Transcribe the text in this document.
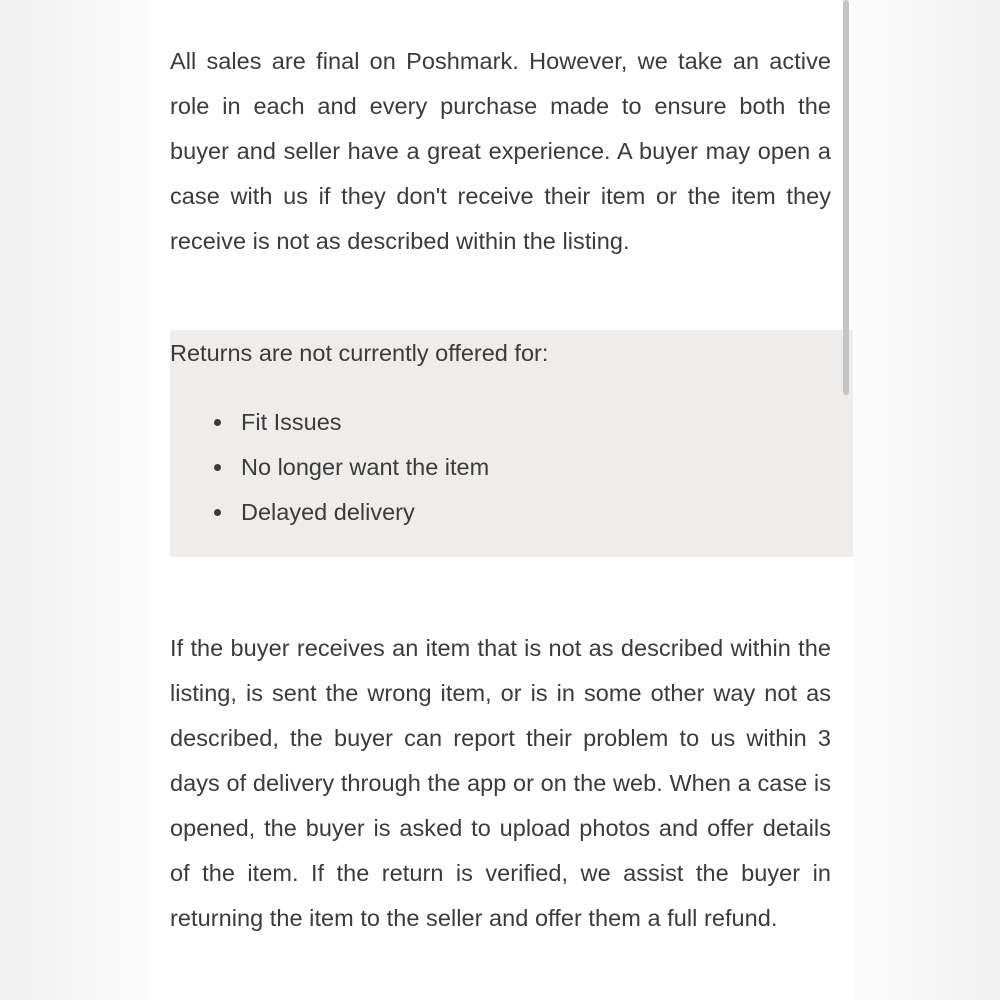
All sales are final on Poshmark. However, we take an active role in each and every purchase made to ensure both the buyer and seller have a great experience. A buyer may open a case with us if they don't receive their item or the item they receive is not as described within the listing.

Returns are not currently offered for:
Fit Issues
No longer want the item
Delayed delivery

If the buyer receives an item that is not as described within the listing, is sent the wrong item, or is in some other way not as described, the buyer can report their problem to us within 3 days of delivery through the app or on the web. When a case is opened, the buyer is asked to upload photos and offer details of the item. If the return is verified, we assist the buyer in returning the item to the seller and offer them a full refund.
